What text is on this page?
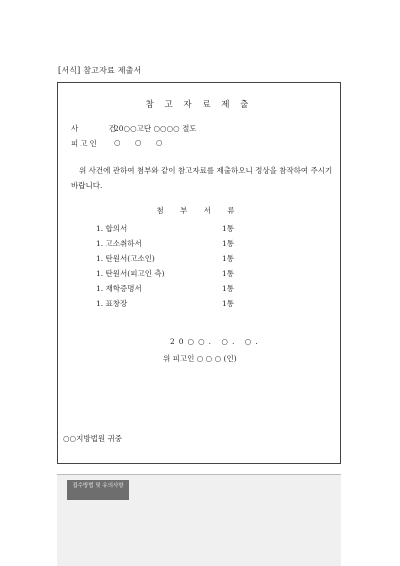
[서식] 참고자료 제출서
참 고 자 료 제 출
사 건
20○○고단 ○○○○ 절도
피고인 ○ ○ ○
위 사건에 관하여 첨부와 같이 참고자료를 제출하오니 정상을 참작하여 주시기 바랍니다.
첨 부 서 류
1. 합의서	1통
1. 고소취하서	1통
1. 탄원서(고소인)	1통
1. 탄원서(피고인 측)	1통
1. 재학증명서	1통
1. 표창장	1통
20○○. ○. ○.
위 피고인 ○ ○ ○ (인)
○○지방법원 귀중
접수방법 및 유의사항
